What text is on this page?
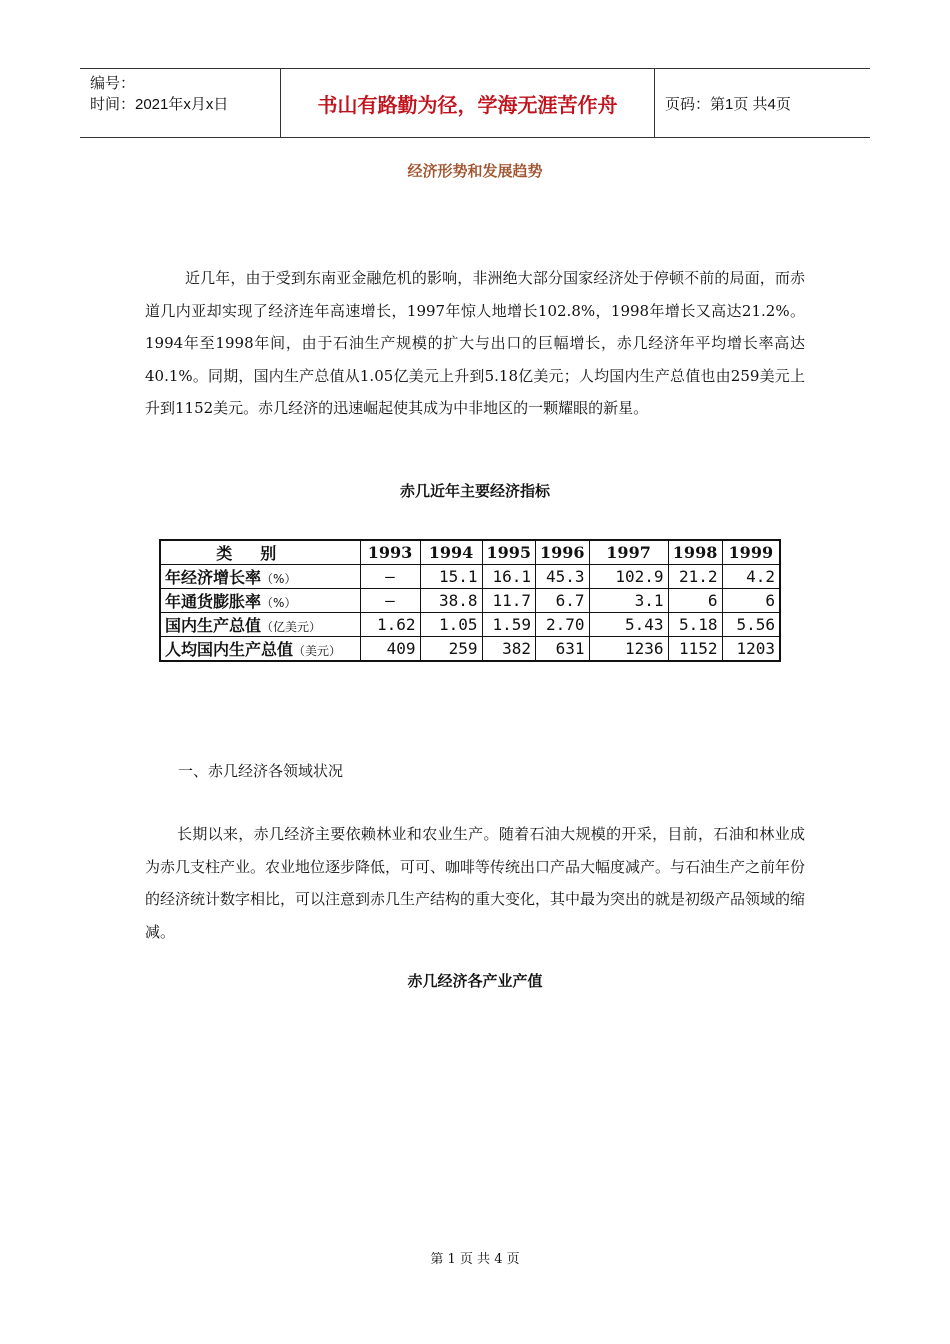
编号：
时间：2021年x月x日	书山有路勤为径，学海无涯苦作舟	页码：第1页 共4页
经济形势和发展趋势

近几年，由于受到东南亚金融危机的影响，非洲绝大部分国家经济处于停顿不前的局面，而赤道几内亚却实现了经济连年高速增长，1997年惊人地增长102.8%，1998年增长又高达21.2%。1994年至1998年间，由于石油生产规模的扩大与出口的巨幅增长，赤几经济年平均增长率高达40.1%。同期，国内生产总值从1.05亿美元上升到5.18亿美元；人均国内生产总值也由259美元上升到1152美元。赤几经济的迅速崛起使其成为中非地区的一颗耀眼的新星。

赤几近年主要经济指标
类别	1993	1994	1995	1996	1997	1998	1999
年经济增长率（%）	—	15.1	16.1	45.3	102.9	21.2	4.2
年通货膨胀率（%）	—	38.8	11.7	6.7	3.1	6	6
国内生产总值（亿美元）	1.62	1.05	1.59	2.70	5.43	5.18	5.56
人均国内生产总值（美元）	409	259	382	631	1236	1152	1203
一、赤几经济各领域状况

长期以来，赤几经济主要依赖林业和农业生产。随着石油大规模的开采，目前，石油和林业成为赤几支柱产业。农业地位逐步降低，可可、咖啡等传统出口产品大幅度减产。与石油生产之前年份的经济统计数字相比，可以注意到赤几生产结构的重大变化，其中最为突出的就是初级产品领域的缩减。

赤几经济各产业产值
第 1 页 共 4 页
